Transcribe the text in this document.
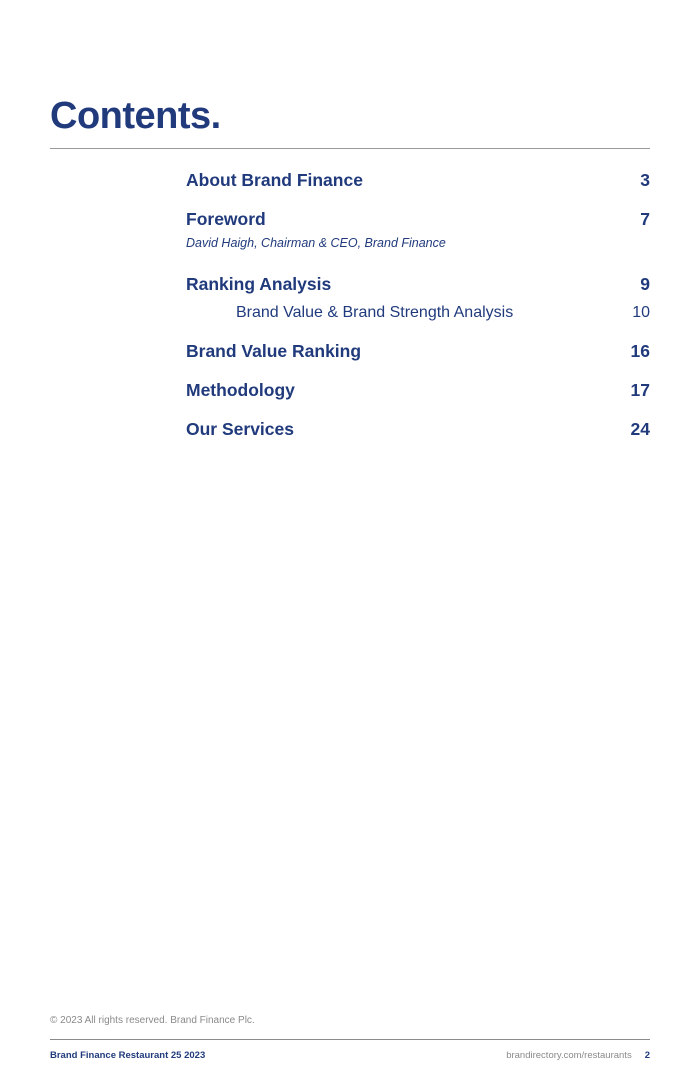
Contents.
About Brand Finance	3
Foreword	7
David Haigh, Chairman & CEO, Brand Finance
Ranking Analysis	9
Brand Value & Brand Strength Analysis	10
Brand Value Ranking	16
Methodology	17
Our Services	24
© 2023 All rights reserved. Brand Finance Plc.
Brand Finance Restaurant 25 2023	brandirectory.com/restaurants 2
